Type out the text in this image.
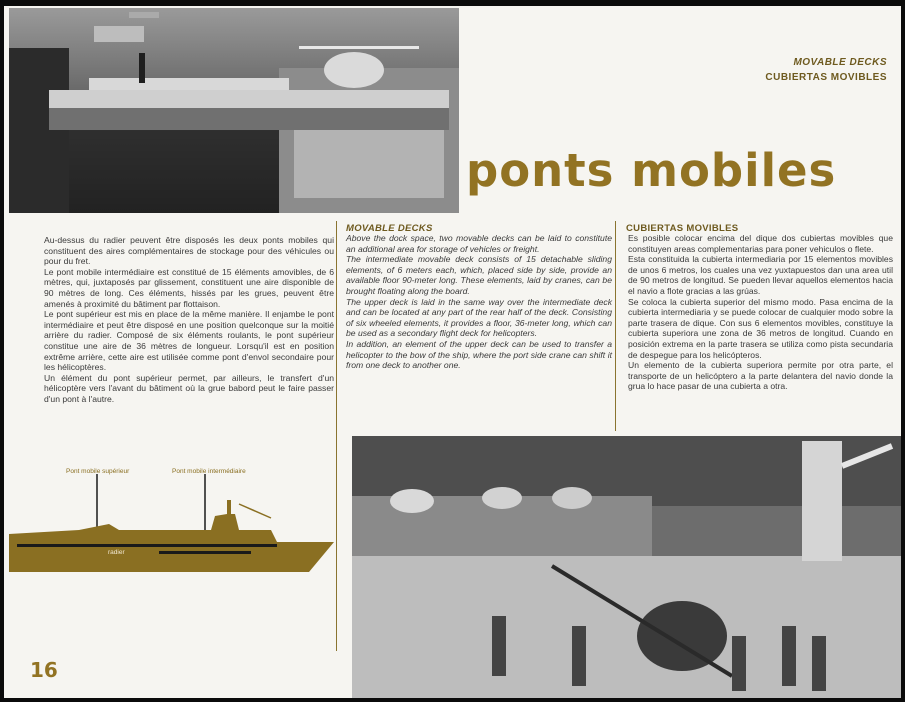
MOVABLE DECKS
CUBIERTAS MOVIBLES
ponts mobiles

Au-dessus du radier peuvent être disposés les deux ponts mobiles qui constituent des aires complémentaires de stockage pour des véhicules ou pour du fret.

Le pont mobile intermédiaire est constitué de 15 éléments amovibles, de 6 mètres, qui, juxtaposés par glissement, constituent une aire disponible de 90 mètres de long. Ces éléments, hissés par les grues, peuvent être amenés à proximité du bâtiment par flottaison.

Le pont supérieur est mis en place de la même manière. Il enjambe le pont intermédiaire et peut être disposé en une position quelconque sur la moitié arrière du radier. Composé de six éléments roulants, le pont supérieur constitue une aire de 36 mètres de longueur. Lorsqu'il est en position extrême arrière, cette aire est utilisée comme pont d'envol secondaire pour les hélicoptères.

Un élément du pont supérieur permet, par ailleurs, le transfert d'un hélicoptère vers l'avant du bâtiment où la grue babord peut le faire passer d'un pont à l'autre.

MOVABLE DECKS

Above the dock space, two movable decks can be laid to constitute an additional area for storage of vehicles or freight.

The intermediate movable deck consists of 15 detachable sliding elements, of 6 meters each, which, placed side by side, provide an available floor 90-meter long. These elements, laid by cranes, can be brought floating along the board.

The upper deck is laid in the same way over the intermediate deck and can be located at any part of the rear half of the deck. Consisting of six wheeled elements, it provides a floor, 36-meter long, which can be used as a secondary flight deck for helicopters.

In addition, an element of the upper deck can be used to transfer a helicopter to the bow of the ship, where the port side crane can shift it from one deck to another one.

CUBIERTAS MOVIBLES

Es posible colocar encima del dique dos cubiertas movibles que constituyen areas complementarias para poner vehiculos o flete.

Esta constituida la cubierta intermediaria por 15 elementos movibles de unos 6 metros, los cuales una vez yuxtapuestos dan una area util de 90 metros de longitud. Se pueden llevar aquellos elementos hacia el navio a flote gracias a las grúas.

Se coloca la cubierta superior del mismo modo. Pasa encima de la cubierta intermediaria y se puede colocar de cualquier modo sobre la parte trasera de dique. Con sus 6 elementos movibles, constituye la cubierta superiora une zona de 36 metros de longitud. Cuando en posición extrema en la parte trasera se utiliza como pista secundaria de despegue para los helicópteros.

Un elemento de la cubierta superiora permite por otra parte, el transporte de un helicóptero a la parte delantera del navio donde la grua lo hace pasar de una cubierta a otra.

Pont mobile supérieur	Pont mobile intermédiaire
radier
16
